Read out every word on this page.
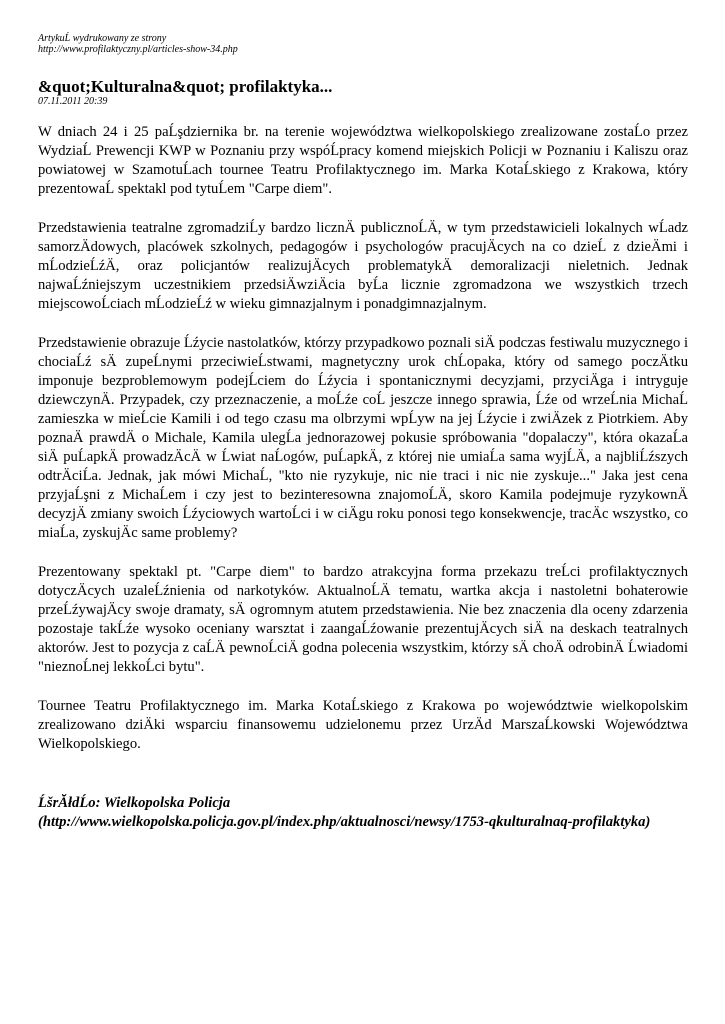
ArtykuĹ wydrukowany ze strony
http://www.profilaktyczny.pl/articles-show-34.php
&quot;Kulturalna&quot; profilaktyka...
07.11.2011 20:39

W dniach 24 i 25 paĹşdziernika br. na terenie województwa wielkopolskiego zrealizowane zostaĹo przez WydziaĹ Prewencji KWP w Poznaniu przy wspóĹpracy komend miejskich Policji w Poznaniu i Kaliszu oraz powiatowej w SzamotuĹach tournee Teatru Profilaktycznego im. Marka KotaĹskiego z Krakowa, który prezentowaĹ spektakl pod tytuĹem "Carpe diem".

Przedstawienia teatralne zgromadziĹy bardzo licznÄ publicznoĹÄ, w tym przedstawicieli lokalnych wĹadz samorzÄdowych, placówek szkolnych, pedagogów i psychologów pracujÄcych na co dzieĹ z dzieÄmi i mĹodzieĹźÄ, oraz policjantów realizujÄcych problematykÄ demoralizacji nieletnich. Jednak najwaĹźniejszym uczestnikiem przedsiÄwziÄcia byĹa licznie zgromadzona we wszystkich trzech miejscowoĹciach mĹodzieĹź w wieku gimnazjalnym i ponadgimnazjalnym.

Przedstawienie obrazuje Ĺźycie nastolatków, którzy przypadkowo poznali siÄ podczas festiwalu muzycznego i chociaĹź sÄ zupeĹnymi przeciwieĹstwami, magnetyczny urok chĹopaka, który od samego poczÄtku imponuje bezproblemowym podejĹciem do Ĺźycia i spontanicznymi decyzjami, przyciÄga i intryguje dziewczynÄ. Przypadek, czy przeznaczenie, a moĹźe coĹ jeszcze innego sprawia, Ĺźe od wrzeĹnia MichaĹ zamieszka w mieĹcie Kamili i od tego czasu ma olbrzymi wpĹyw na jej Ĺźycie i zwiÄzek z Piotrkiem. Aby poznaÄ prawdÄ o Michale, Kamila ulegĹa jednorazowej pokusie spróbowania "dopalaczy", która okazaĹa siÄ puĹapkÄ prowadzÄcÄ w Ĺwiat naĹogów, puĹapkÄ, z której nie umiaĹa sama wyjĹÄ, a najbliĹźszych odtrÄciĹa. Jednak, jak mówi MichaĹ, "kto nie ryzykuje, nic nie traci i nic nie zyskuje..." Jaka jest cena przyjaĹşni z MichaĹem i czy jest to bezinteresowna znajomoĹÄ, skoro Kamila podejmuje ryzykownÄ decyzjÄ zmiany swoich Ĺźyciowych wartoĹci i w ciÄgu roku ponosi tego konsekwencje, tracÄc wszystko, co miaĹa, zyskujÄc same problemy?

Prezentowany spektakl pt. "Carpe diem" to bardzo atrakcyjna forma przekazu treĹci profilaktycznych dotyczÄcych uzaleĹźnienia od narkotyków. AktualnoĹÄ tematu, wartka akcja i nastoletni bohaterowie przeĹźywajÄcy swoje dramaty, sÄ ogromnym atutem przedstawienia. Nie bez znaczenia dla oceny zdarzenia pozostaje takĹźe wysoko oceniany warsztat i zaangaĹźowanie prezentujÄcych siÄ na deskach teatralnych aktorów. Jest to pozycja z caĹÄ pewnoĹciÄ godna polecenia wszystkim, którzy sÄ choÄ odrobinÄ Ĺwiadomi "nieznoĹnej lekkoĹci bytu".

Tournee Teatru Profilaktycznego im. Marka KotaĹskiego z Krakowa po województwie wielkopolskim zrealizowano dziÄki wsparciu finansowemu udzielonemu przez UrzÄd MarszaĹkowski Województwa Wielkopolskiego.

ĹšrĂłdĹo: Wielkopolska Policja
(http://www.wielkopolska.policja.gov.pl/index.php/aktualnosci/newsy/1753-qkulturalnaq-profilaktyka)
